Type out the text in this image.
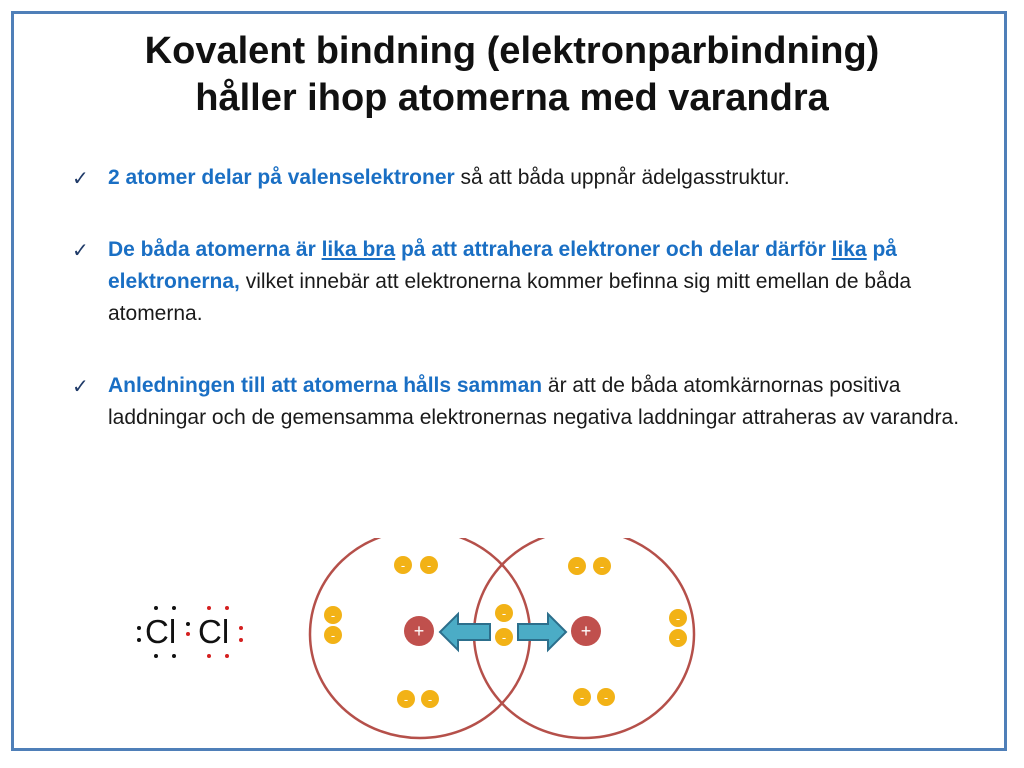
Kovalent bindning (elektronparbindning)
håller ihop atomerna med varandra
✓ 2 atomer delar på valenselektroner så att båda uppnår ädelgasstruktur.
✓ De båda atomerna är lika bra på att attrahera elektroner och delar därför lika på elektronerna, vilket innebär att elektronerna kommer befinna sig mitt emellan de båda atomerna.
✓ Anledningen till att atomerna hålls samman är att de båda atomkärnornas positiva laddningar och de gemensamma elektronernas negativa laddningar attraheras av varandra.
Cl Cl	+	+
- -	- -
-
-
-
-
-
-
- -	- -
